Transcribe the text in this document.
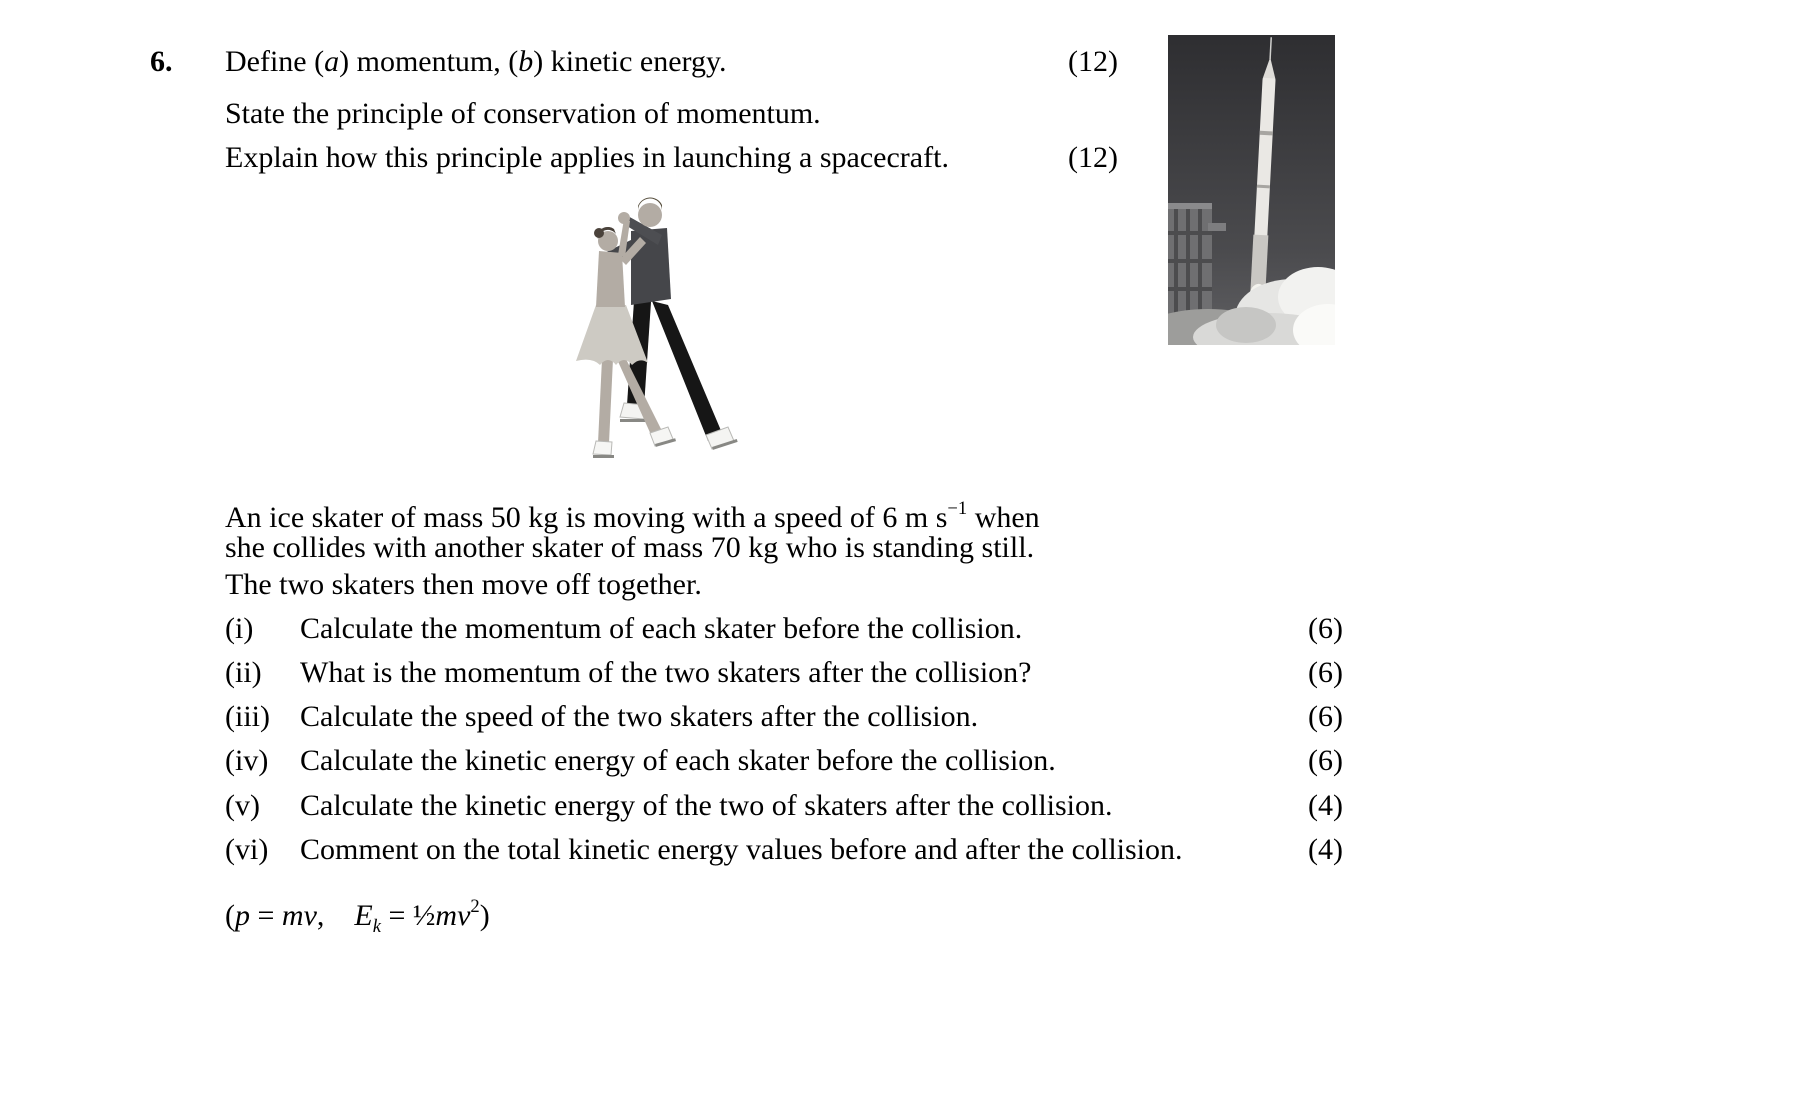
6. Define (a) momentum, (b) kinetic energy.	(12)
State the principle of conservation of momentum.
Explain how this principle applies in launching a spacecraft.	(12)
An ice skater of mass 50 kg is moving with a speed of 6 m $s^{-1}$ when
she collides with another skater of mass 70 kg who is standing still.
The two skaters then move off together.
(i) Calculate the momentum of each skater before the collision.	(6)
(ii) What is the momentum of the two skaters after the collision?	(6)
(iii) Calculate the speed of the two skaters after the collision.	(6)
(iv) Calculate the kinetic energy of each skater before the collision.	(6)
(v) Calculate the kinetic energy of the two of skaters after the collision.	(4)
(vi) Comment on the total kinetic energy values before and after the collision.	(4)
(p = mv, $E_k$ = $\frac{1}{2}mv^2$)
